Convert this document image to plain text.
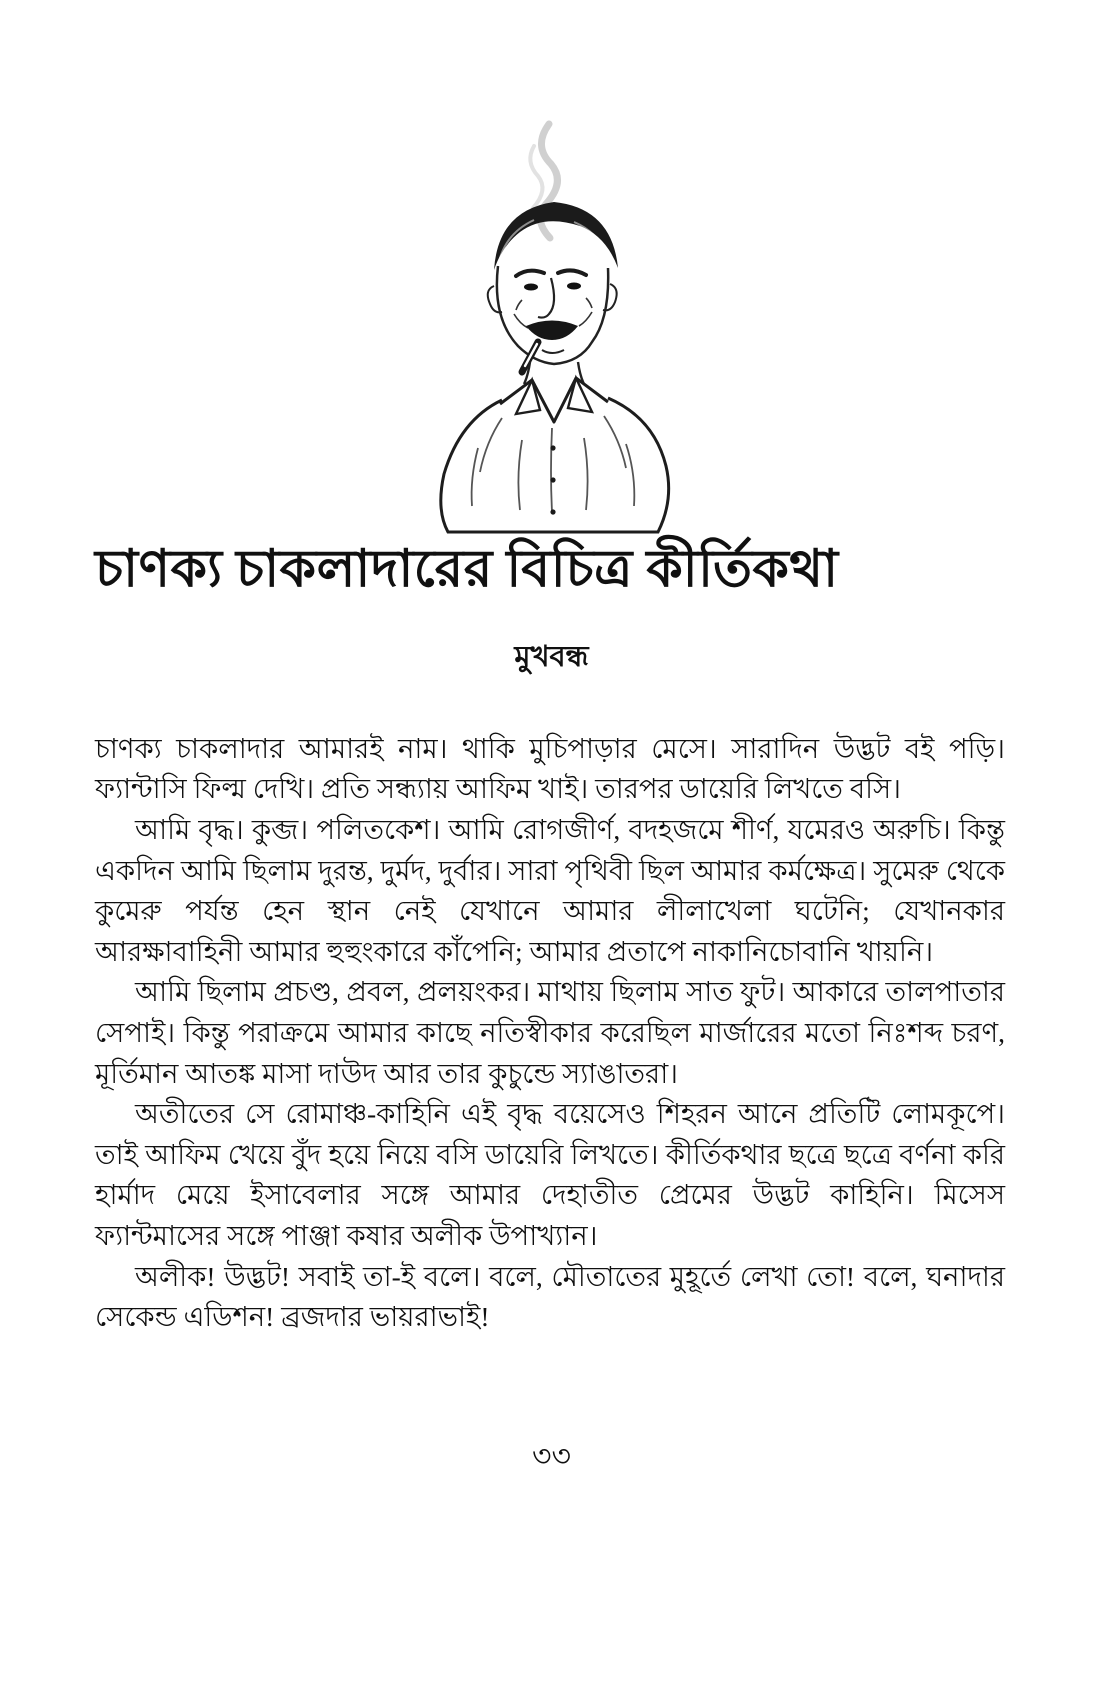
চাণক্য চাকলাদারের বিচিত্র কীর্তিকথা
মুখবন্ধ

চাণক্য চাকলাদার আমারই নাম। থাকি মুচিপাড়ার মেসে। সারাদিন উদ্ভট বই পড়ি। ফ্যান্টাসি ফিল্ম দেখি। প্রতি সন্ধ্যায় আফিম খাই। তারপর ডায়েরি লিখতে বসি।

আমি বৃদ্ধ। কুব্জ। পলিতকেশ। আমি রোগজীর্ণ, বদহজমে শীর্ণ, যমেরও অরুচি। কিন্তু একদিন আমি ছিলাম দুরন্ত, দুর্মদ, দুর্বার। সারা পৃথিবী ছিল আমার কর্মক্ষেত্র। সুমেরু থেকে কুমেরু পর্যন্ত হেন স্থান নেই যেখানে আমার লীলাখেলা ঘটেনি; যেখানকার আরক্ষাবাহিনী আমার হুহুংকারে কাঁপেনি; আমার প্রতাপে নাকানিচোবানি খায়নি।

আমি ছিলাম প্রচণ্ড, প্রবল, প্রলয়ংকর। মাথায় ছিলাম সাত ফুট। আকারে তালপাতার সেপাই। কিন্তু পরাক্রমে আমার কাছে নতিস্বীকার করেছিল মার্জারের মতো নিঃশব্দ চরণ, মূর্তিমান আতঙ্ক মাসা দাউদ আর তার কুচুন্ডে স্যাঙাতরা।

অতীতের সে রোমাঞ্চ-কাহিনি এই বৃদ্ধ বয়েসেও শিহরন আনে প্রতিটি লোমকূপে। তাই আফিম খেয়ে বুঁদ হয়ে নিয়ে বসি ডায়েরি লিখতে। কীর্তিকথার ছত্রে ছত্রে বর্ণনা করি হার্মাদ মেয়ে ইসাবেলার সঙ্গে আমার দেহাতীত প্রেমের উদ্ভট কাহিনি। মিসেস ফ্যান্টমাসের সঙ্গে পাঞ্জা কষার অলীক উপাখ্যান।

অলীক! উদ্ভট! সবাই তা-ই বলে। বলে, মৌতাতের মুহূর্তে লেখা তো! বলে, ঘনাদার সেকেন্ড এডিশন! ব্রজদার ভায়রাভাই!

৩৩
